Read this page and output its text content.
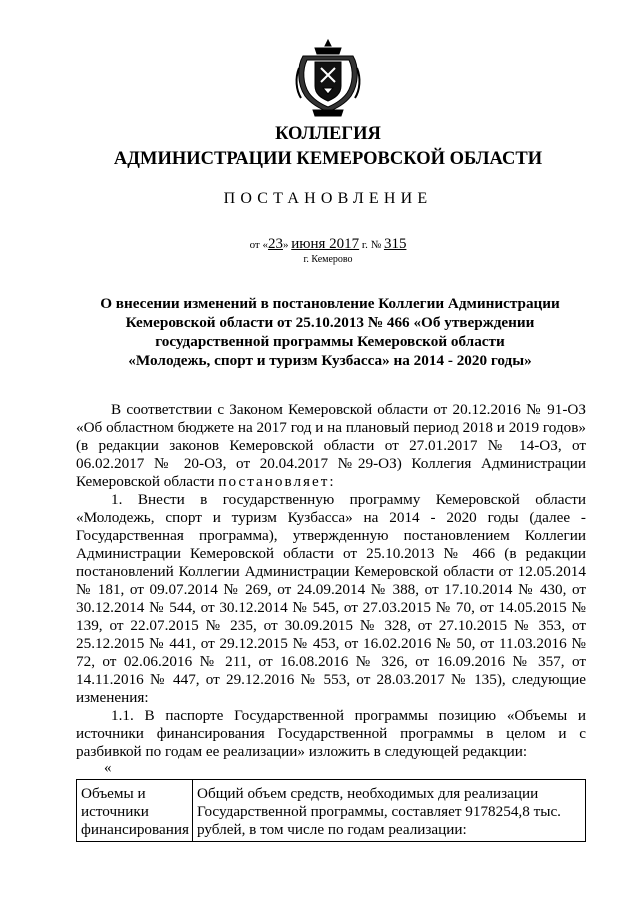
КОЛЛЕГИЯ
АДМИНИСТРАЦИИ КЕМЕРОВСКОЙ ОБЛАСТИ
ПОСТАНОВЛЕНИЕ
от «23» июня 2017 г. № 315
г. Кемерово
О внесении изменений в постановление Коллегии Администрации
Кемеровской области от 25.10.2013 № 466 «Об утверждении
государственной программы Кемеровской области
«Молодежь, спорт и туризм Кузбасса» на 2014 - 2020 годы»

В соответствии с Законом Кемеровской области от 20.12.2016 № 91-ОЗ «Об областном бюджете на 2017 год и на плановый период 2018 и 2019 годов» (в редакции законов Кемеровской области от 27.01.2017 № 14-ОЗ, от 06.02.2017 № 20-ОЗ, от 20.04.2017 №29-ОЗ) Коллегия Администрации Кемеровской области постановляет:

1. Внести в государственную программу Кемеровской области «Молодежь, спорт и туризм Кузбасса» на 2014 - 2020 годы (далее - Государственная программа), утвержденную постановлением Коллегии Администрации Кемеровской области от 25.10.2013 № 466 (в редакции постановлений Коллегии Администрации Кемеровской области от 12.05.2014 № 181, от 09.07.2014 № 269, от 24.09.2014 № 388, от 17.10.2014 № 430, от 30.12.2014 № 544, от 30.12.2014 № 545, от 27.03.2015 № 70, от 14.05.2015 № 139, от 22.07.2015 № 235, от 30.09.2015 № 328, от 27.10.2015 № 353, от 25.12.2015 № 441, от 29.12.2015 № 453, от 16.02.2016 № 50, от 11.03.2016 № 72, от 02.06.2016 № 211, от 16.08.2016 № 326, от 16.09.2016 № 357, от 14.11.2016 № 447, от 29.12.2016 № 553, от 28.03.2017 № 135), следующие изменения:

1.1. В паспорте Государственной программы позицию «Объемы и источники финансирования Государственной программы в целом и с разбивкой по годам ее реализации» изложить в следующей редакции:

«
Объемы и источники финансирования	Общий объем средств, необходимых для реализации Государственной программы, составляет 9178254,8 тыс. рублей, в том числе по годам реализации:
